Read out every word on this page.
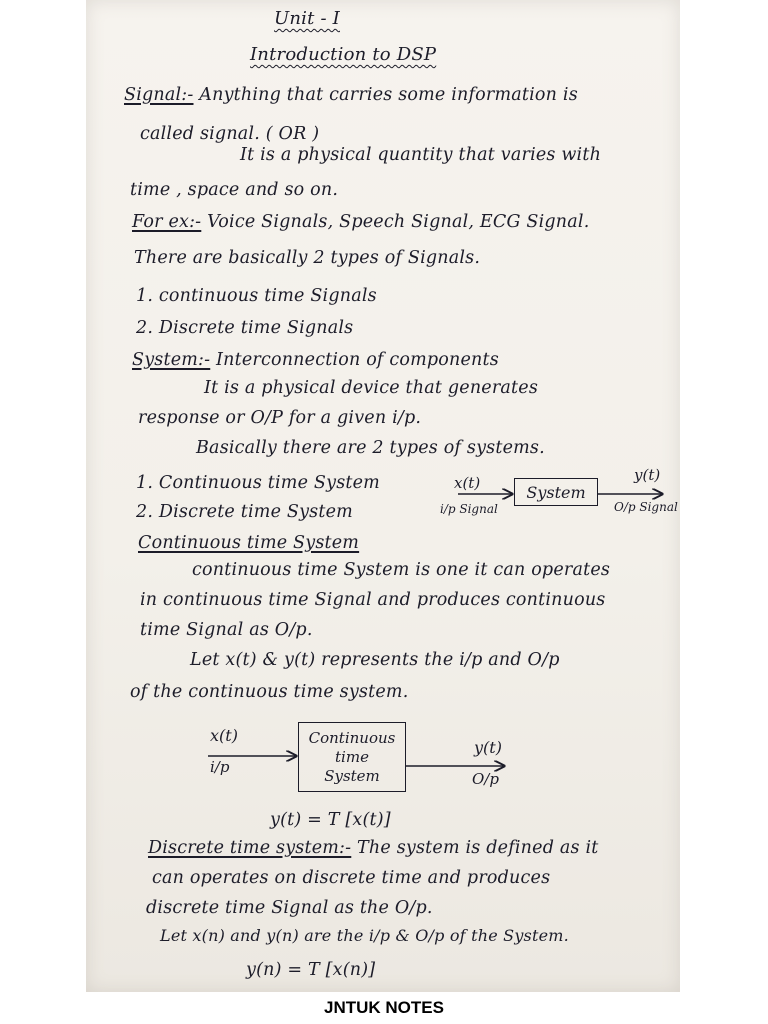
Unit - I
Introduction to DSP
Signal:- Anything that carries some information is
called signal. ( OR )
It is a physical quantity that varies with
time , space and so on.
For ex:- Voice Signals, Speech Signal, ECG Signal.
There are basically 2 types of Signals.
1. continuous time Signals
2. Discrete time Signals
System:- Interconnection of components
It is a physical device that generates
response or O/P for a given i/p.
Basically there are 2 types of systems.
1. Continuous time System
2. Discrete time System
x(t)
i/p Signal
System
y(t)
O/p Signal
Continuous time System
continuous time System is one it can operates
in continuous time Signal and produces continuous
time Signal as O/p.
Let x(t) & y(t) represents the i/p and O/p
of the continuous time system.
x(t)
i/p
Continuous
time
System
y(t)
O/p
y(t) = T [x(t)]
Discrete time system:- The system is defined as it
can operates on discrete time and produces
discrete time Signal as the O/p.
Let x(n) and y(n) are the i/p & O/p of the System.
y(n) = T [x(n)]
JNTUK NOTES
